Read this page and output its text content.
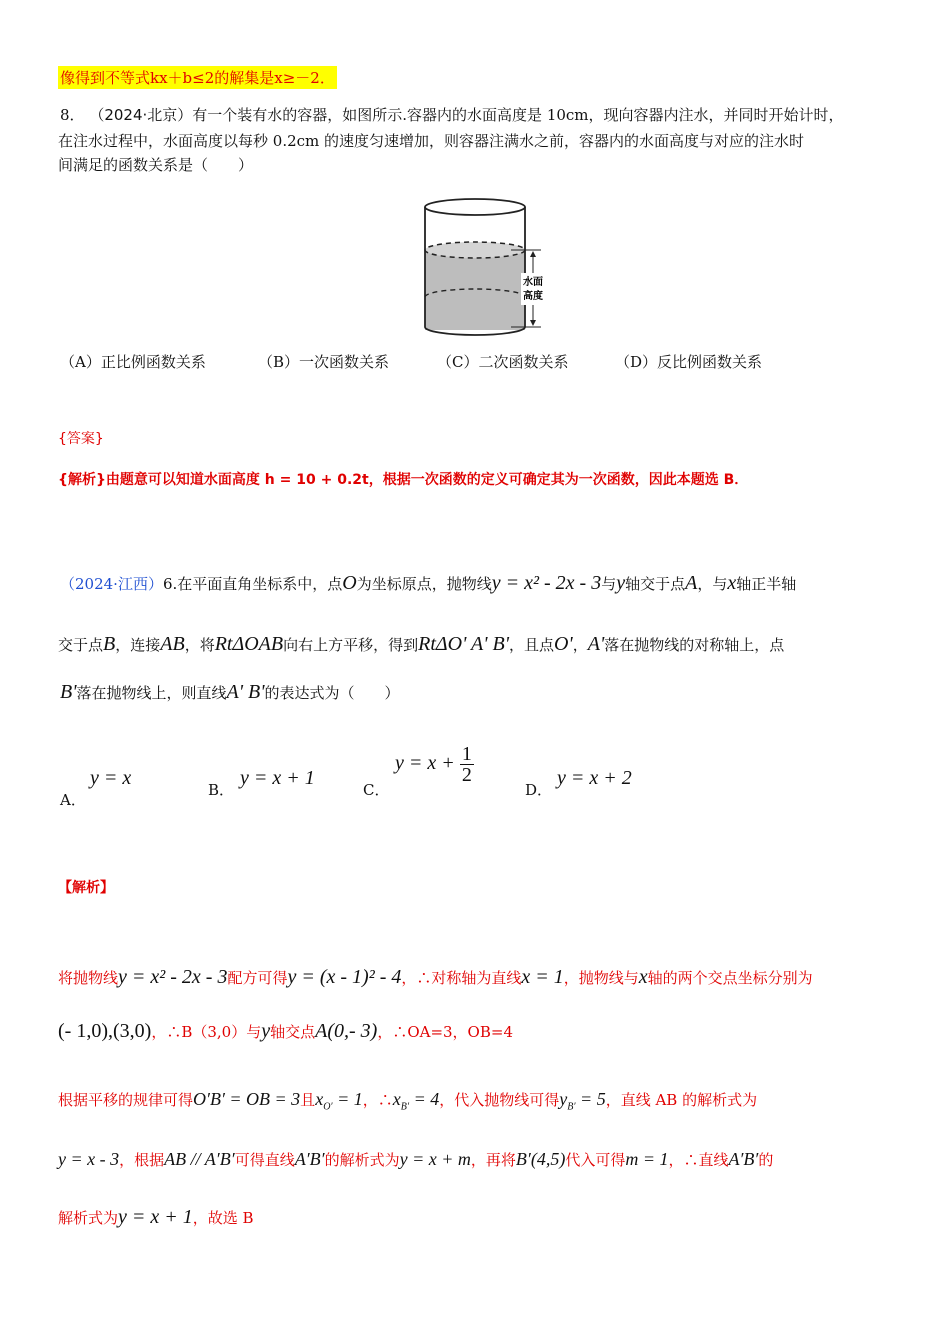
像得到不等式kx＋b≤2的解集是x≥－2．
8． （2024·北京）有一个装有水的容器，如图所示.容器内的水面高度是 10cm，现向容器内注水，并同时开始计时，
在注水过程中，水面高度以每秒 0.2cm 的速度匀速增加，则容器注满水之前，容器内的水面高度与对应的注水时
间满足的函数关系是（　　）
水面
高度
（A）正比例函数关系	（B）一次函数关系	（C）二次函数关系	（D）反比例函数关系
{答案}
{解析}由题意可以知道水面高度 h = 10 + 0.2t，根据一次函数的定义可确定其为一次函数，因此本题选 B．
（2024·江西）6.在平面直角坐标系中，点O为坐标原点，抛物线y = x² - 2x - 3与y轴交于点A，与x轴正半轴
交于点B，连接AB，将RtΔOAB向右上方平移，得到RtΔO' A' B'，且点O'，A'落在抛物线的对称轴上，点
B'落在抛物线上，则直线A' B'的表达式为（　　）
A．
y = x
B．
y = x + 1
C．
$y = x + \frac{1}{2}$
D．
y = x + 2
【解析】
将抛物线y = x² - 2x - 3配方可得y = (x - 1)² - 4，∴对称轴为直线x = 1，抛物线与x轴的两个交点坐标分别为
(- 1,0),(3,0)，∴B（3,0）与y轴交点A(0,- 3)，∴OA=3，OB=4
根据平移的规律可得O′B′ = OB = 3且$x_{O'} = 1$，$\therefore x_{B'} = 4$，代入抛物线可得$y_{B'} = 5$，直线 AB 的解析式为
y = x - 3，根据AB // A′B′可得直线A′B′的解析式为y = x + m，再将B′(4,5)代入可得m = 1，∴直线A′B′的
解析式为y = x + 1，故选 B
